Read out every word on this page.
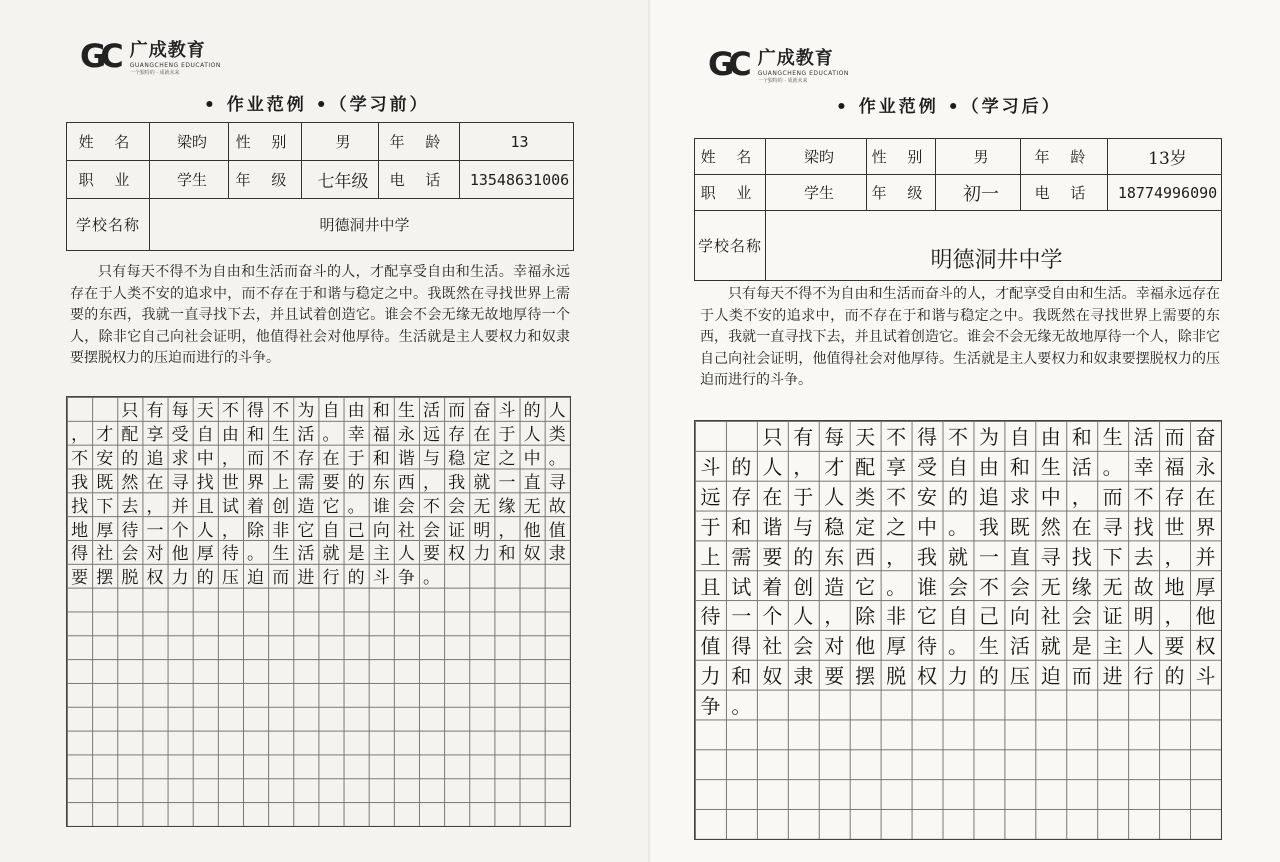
GC 广成教育
GUANGCHENG EDUCATION
一个独特的 · 成就未来
• 作业范例 •（学习前）
姓 名	梁昀	性 别	男	年 龄	13
职 业	学生	年 级	七年级	电 话	13548631006
学校名称	明德洞井中学				
只有每天不得不为自由和生活而奋斗的人，才配享受自由和生活。幸福永远存在于人类不安的追求中，而不存在于和谐与稳定之中。我既然在寻找世界上需要的东西，我就一直寻找下去，并且试着创造它。谁会不会无缘无故地厚待一个人，除非它自己向社会证明，他值得社会对他厚待。生活就是主人要权力和奴隶要摆脱权力的压迫而进行的斗争。
只 有 每 天 不 得 不 为 自 由 和 生 活 而 奋 斗 的 人
， 才 配 享 受 自 由 和 生 活 。 幸 福 永 远 存 在 于 人 类
不 安 的 追 求 中 ， 而 不 存 在 于 和 谐 与 稳 定 之 中 。
我 既 然 在 寻 找 世 界 上 需 要 的 东 西 ， 我 就 一 直 寻
找 下 去 ， 并 且 试 着 创 造 它 。 谁 会 不 会 无 缘 无 故
地 厚 待 一 个 人 ， 除 非 它 自 己 向 社 会 证 明 ， 他 值
得 社 会 对 他 厚 待 。 生 活 就 是 主 人 要 权 力 和 奴 隶
要 摆 脱 权 力 的 压 迫 而 进 行 的 斗 争 。
GC 广成教育
GUANGCHENG EDUCATION
一个独特的 · 成就未来
• 作业范例 •（学习后）
姓 名	梁昀	性 别	男	年 龄	13岁
职 业	学生	年 级	初一	电 话	18774996090
学校名称	明德洞井中学				
只有每天不得不为自由和生活而奋斗的人，才配享受自由和生活。幸福永远存在于人类不安的追求中，而不存在于和谐与稳定之中。我既然在寻找世界上需要的东西，我就一直寻找下去，并且试着创造它。谁会不会无缘无故地厚待一个人，除非它自己向社会证明，他值得社会对他厚待。生活就是主人要权力和奴隶要摆脱权力的压迫而进行的斗争。
只 有 每 天 不 得 不 为 自 由 和 生 活 而 奋
斗 的 人 ， 才 配 享 受 自 由 和 生 活 。 幸 福 永
远 存 在 于 人 类 不 安 的 追 求 中 ， 而 不 存 在
于 和 谐 与 稳 定 之 中 。 我 既 然 在 寻 找 世 界
上 需 要 的 东 西 ， 我 就 一 直 寻 找 下 去 ， 并
且 试 着 创 造 它 。 谁 会 不 会 无 缘 无 故 地 厚
待 一 个 人 ， 除 非 它 自 己 向 社 会 证 明 ， 他
值 得 社 会 对 他 厚 待 。 生 活 就 是 主 人 要 权
力 和 奴 隶 要 摆 脱 权 力 的 压 迫 而 进 行 的 斗
争 。
